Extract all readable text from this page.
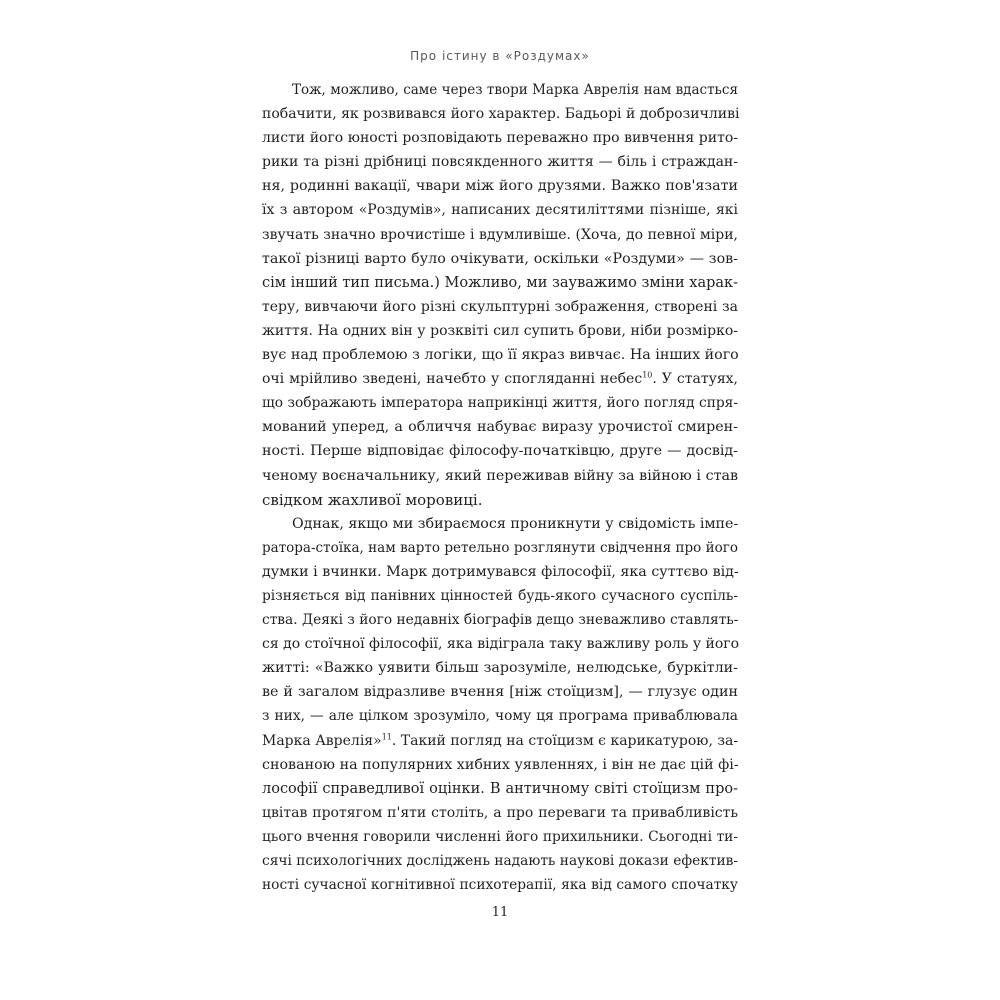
Про істину в «Роздумах»
Тож, можливо, саме через твори Марка Аврелія нам вдасться
побачити, як розвивався його характер. Бадьорі й доброзичливі
листи його юності розповідають переважно про вивчення рито-
рики та різні дрібниці повсякденного життя — біль і страждан-
ня, родинні вакації, чвари між його друзями. Важко пов'язати
їх з автором «Роздумів», написаних десятиліттями пізніше, які
звучать значно врочистіше і вдумливіше. (Хоча, до певної міри,
такої різниці варто було очікувати, оскільки «Роздуми» — зов-
сім інший тип письма.) Можливо, ми зауважимо зміни харак-
теру, вивчаючи його різні скульптурні зображення, створені за
життя. На одних він у розквіті сил супить брови, ніби розмірко-
вує над проблемою з логіки, що її якраз вивчає. На інших його
очі мрійливо зведені, начебто у спогляданні небес$^{10}$. У статуях,
що зображають імператора наприкінці життя, його погляд спря-
мований уперед, а обличчя набуває виразу урочистої смирен-
ності. Перше відповідає філософу-початківцю, друге — досвід-
ченому воєначальнику, який переживав війну за війною і став
свідком жахливої моровиці.
Однак, якщо ми збираємося проникнути у свідомість імпе-
ратора-стоїка, нам варто ретельно розглянути свідчення про його
думки і вчинки. Марк дотримувався філософії, яка суттєво від-
різняється від панівних цінностей будь-якого сучасного суспіль-
ства. Деякі з його недавніх біографів дещо зневажливо ставлять-
ся до стоїчної філософії, яка відіграла таку важливу роль у його
житті: «Важко уявити більш зарозуміле, нелюдське, буркітли-
ве й загалом відразливе вчення [ніж стоїцизм], — глузує один
з них, — але цілком зрозуміло, чому ця програма приваблювала
Марка Аврелія»$^{11}$. Такий погляд на стоїцизм є карикатурою, за-
снованою на популярних хибних уявленнях, і він не дає цій фі-
лософії справедливої оцінки. В античному світі стоїцизм про-
цвітав протягом п'яти століть, а про переваги та привабливість
цього вчення говорили численні його прихильники. Сьогодні ти-
сячі психологічних досліджень надають наукові докази ефектив-
ності сучасної когнітивної психотерапії, яка від самого спочатку
11
